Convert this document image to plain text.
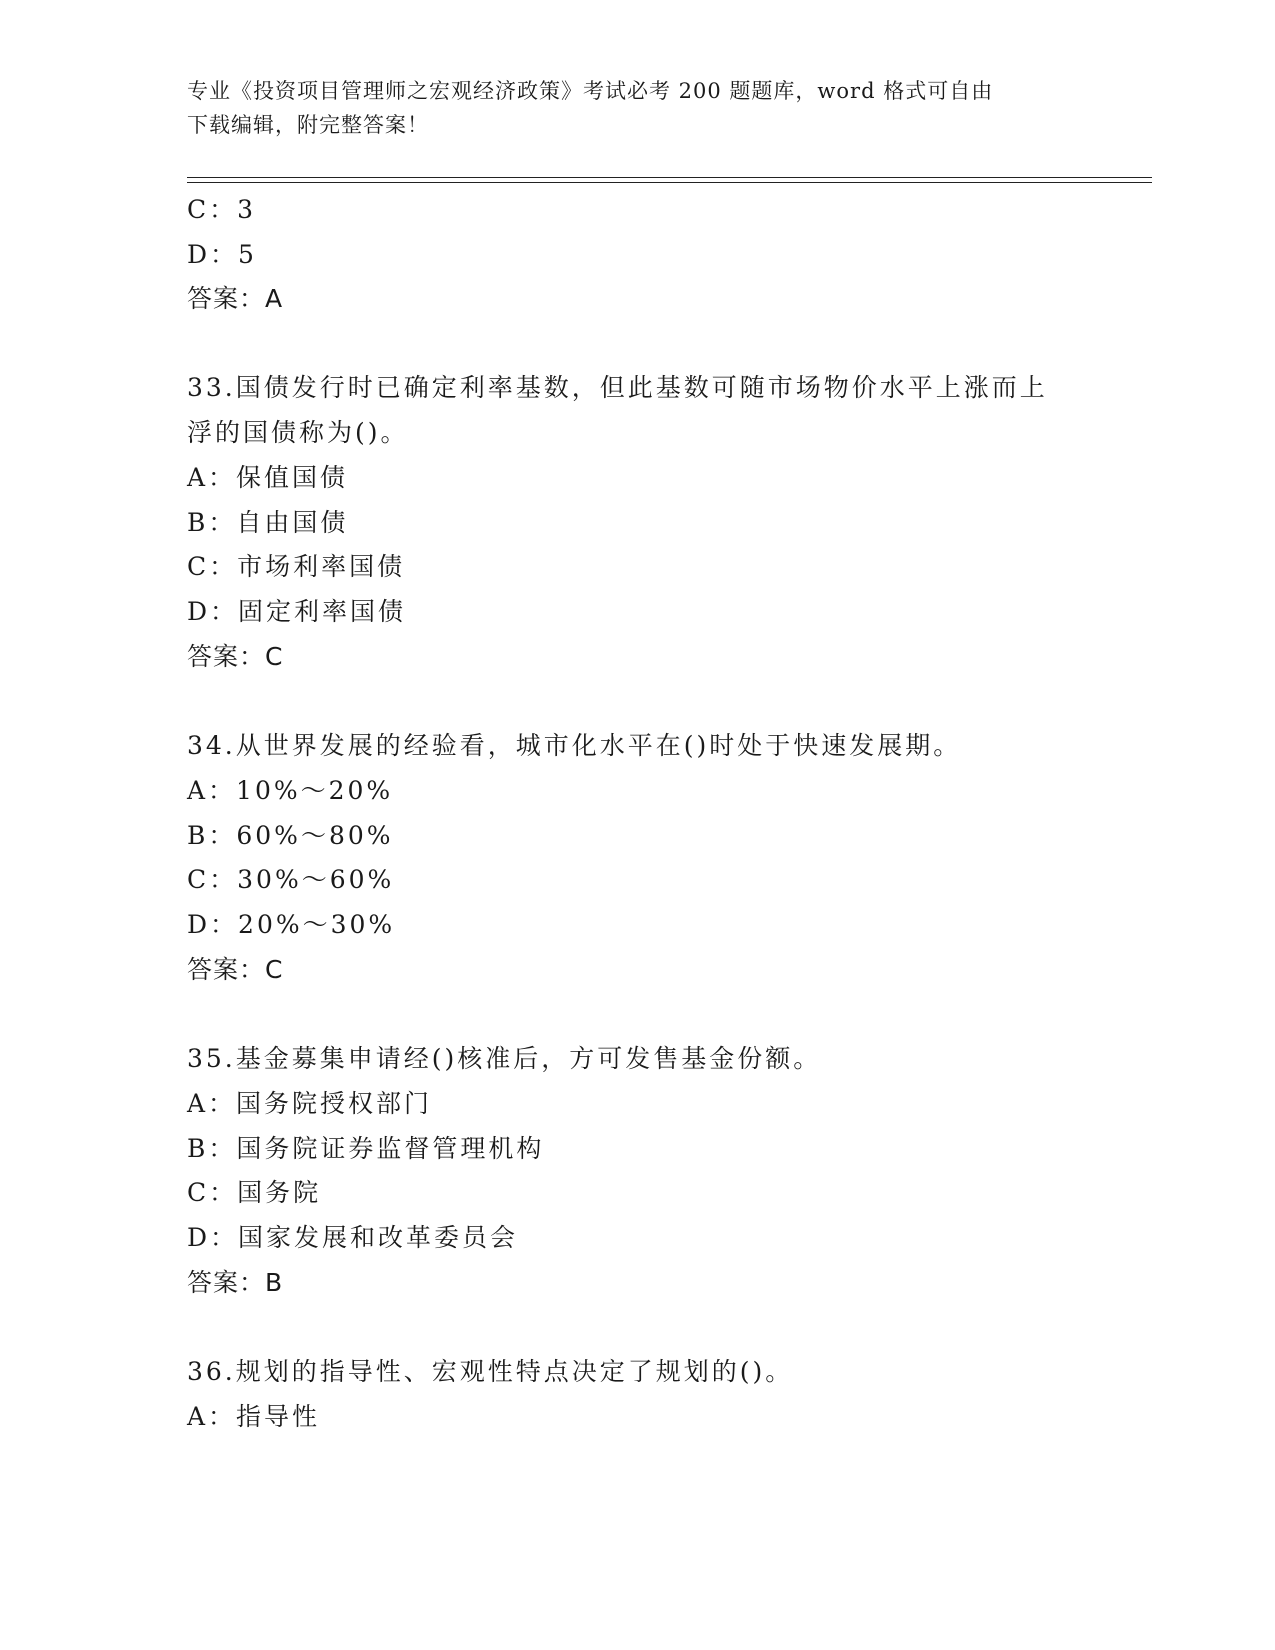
专业《投资项目管理师之宏观经济政策》考试必考 200 题题库，word 格式可自由
下载编辑，附完整答案！
C：3
D：5
答案：A
33.国债发行时已确定利率基数，但此基数可随市场物价水平上涨而上
浮的国债称为()。
A：保值国债
B：自由国债
C：市场利率国债
D：固定利率国债
答案：C
34.从世界发展的经验看，城市化水平在()时处于快速发展期。
A：10%～20%
B：60%～80%
C：30%～60%
D：20%～30%
答案：C
35.基金募集申请经()核准后，方可发售基金份额。
A：国务院授权部门
B：国务院证券监督管理机构
C：国务院
D：国家发展和改革委员会
答案：B
36.规划的指导性、宏观性特点决定了规划的()。
A：指导性
